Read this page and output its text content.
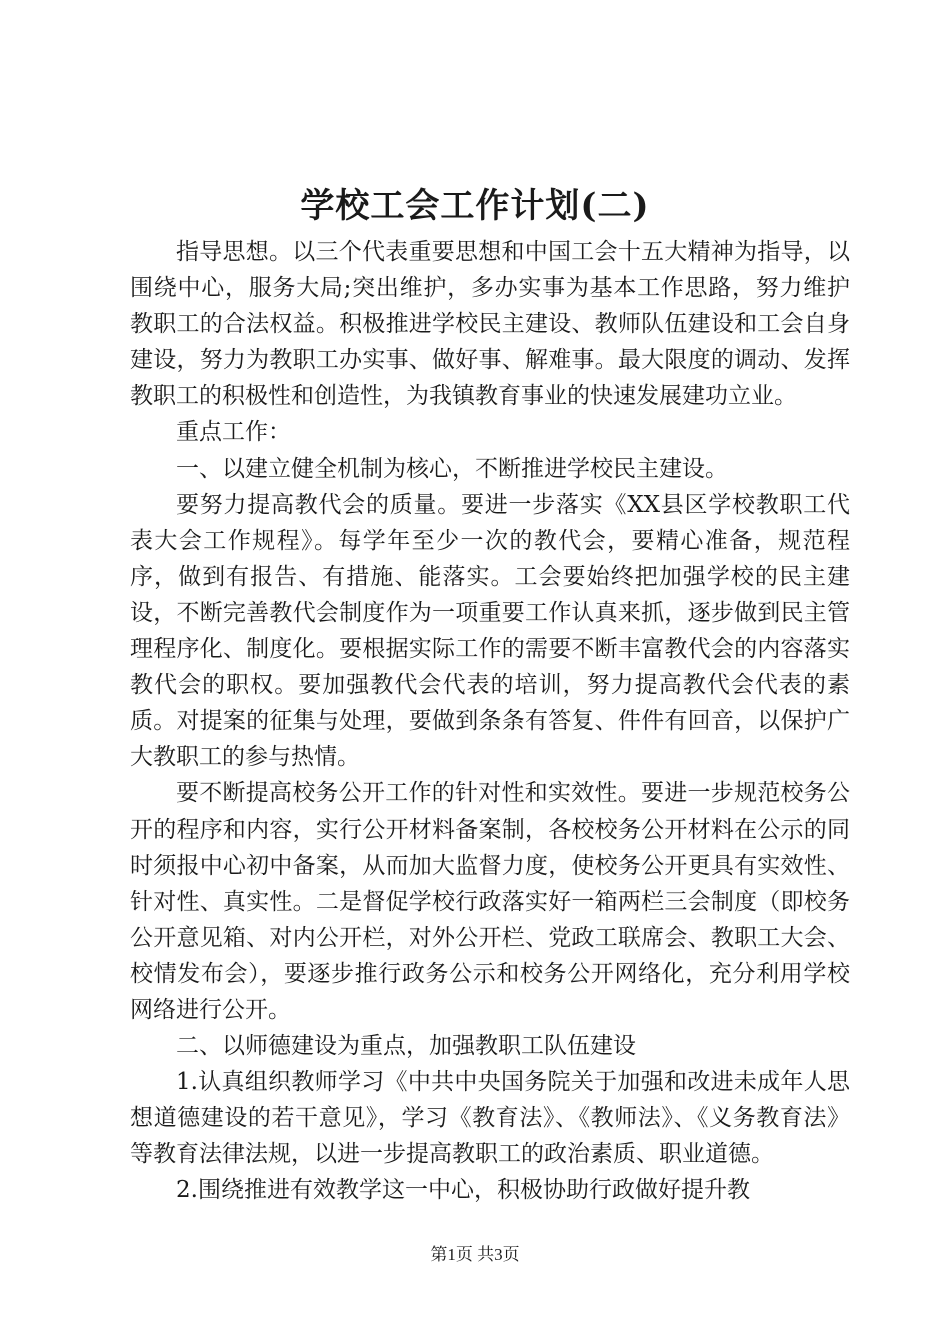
学校工会工作计划(二)

指导思想。以三个代表重要思想和中国工会十五大精神为指导，以围绕中心，服务大局;突出维护，多办实事为基本工作思路，努力维护教职工的合法权益。积极推进学校民主建设、教师队伍建设和工会自身建设，努力为教职工办实事、做好事、解难事。最大限度的调动、发挥教职工的积极性和创造性，为我镇教育事业的快速发展建功立业。

重点工作：

一、以建立健全机制为核心，不断推进学校民主建设。

要努力提高教代会的质量。要进一步落实《XX县区学校教职工代表大会工作规程》。每学年至少一次的教代会，要精心准备，规范程序，做到有报告、有措施、能落实。工会要始终把加强学校的民主建设，不断完善教代会制度作为一项重要工作认真来抓，逐步做到民主管理程序化、制度化。要根据实际工作的需要不断丰富教代会的内容落实教代会的职权。要加强教代会代表的培训，努力提高教代会代表的素质。对提案的征集与处理，要做到条条有答复、件件有回音，以保护广大教职工的参与热情。

要不断提高校务公开工作的针对性和实效性。要进一步规范校务公开的程序和内容，实行公开材料备案制，各校校务公开材料在公示的同时须报中心初中备案，从而加大监督力度，使校务公开更具有实效性、针对性、真实性。二是督促学校行政落实好一箱两栏三会制度（即校务公开意见箱、对内公开栏，对外公开栏、党政工联席会、教职工大会、校情发布会），要逐步推行政务公示和校务公开网络化，充分利用学校网络进行公开。

二、以师德建设为重点，加强教职工队伍建设

1.认真组织教师学习《中共中央国务院关于加强和改进未成年人思想道德建设的若干意见》，学习《教育法》、《教师法》、《义务教育法》等教育法律法规，以进一步提高教职工的政治素质、职业道德。

2.围绕推进有效教学这一中心，积极协助行政做好提升教

第1页 共3页
